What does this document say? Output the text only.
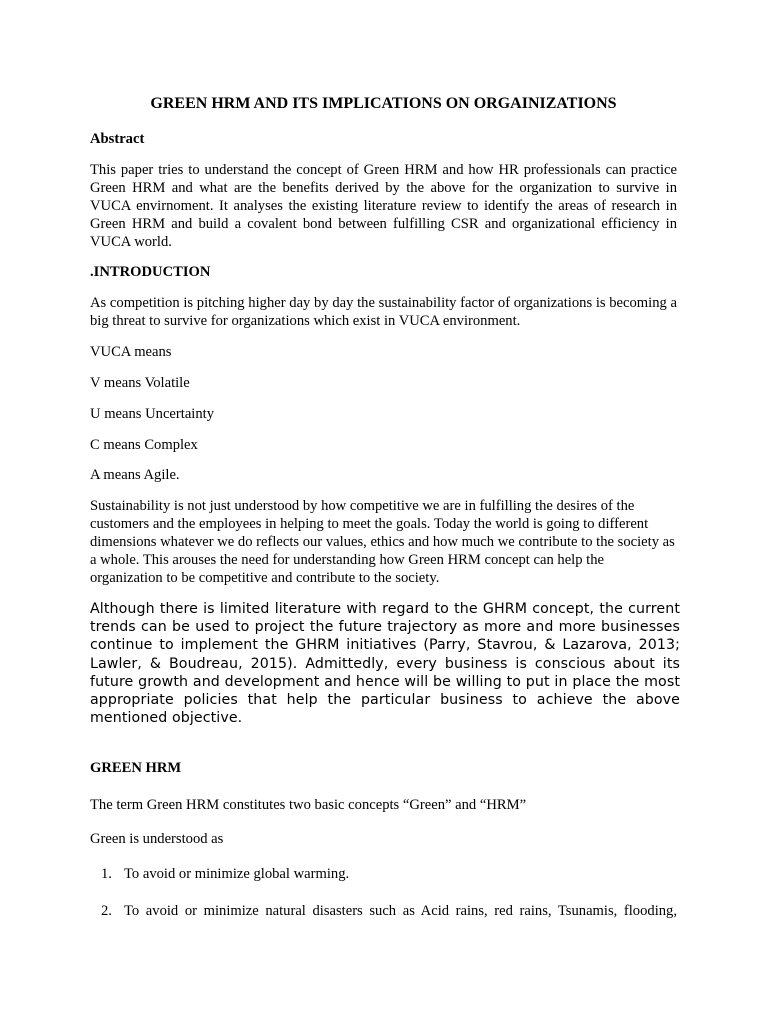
GREEN HRM AND ITS IMPLICATIONS ON ORGAINIZATIONS
Abstract

This paper tries to understand the concept of Green HRM and how HR professionals can practice Green HRM and what are the benefits derived by the above for the organization to survive in VUCA envirnoment. It analyses the existing literature review to identify the areas of research in Green HRM and build a covalent bond between fulfilling CSR and organizational efficiency in VUCA world.

.INTRODUCTION

As competition is pitching higher day by day the sustainability factor of organizations is becoming a big threat to survive for organizations which exist in VUCA environment.

VUCA means
V means Volatile
U means Uncertainty
C means Complex
A means Agile.

Sustainability is not just understood by how competitive we are in fulfilling the desires of the customers and the employees in helping to meet the goals. Today the world is going to different dimensions whatever we do reflects our values, ethics and how much we contribute to the society as a whole. This arouses the need for understanding how Green HRM concept can help the organization to be competitive and contribute to the society.

Although there is limited literature with regard to the GHRM concept, the current trends can be used to project the future trajectory as more and more businesses continue to implement the GHRM initiatives (Parry, Stavrou, & Lazarova, 2013; Lawler, & Boudreau, 2015). Admittedly, every business is conscious about its future growth and development and hence will be willing to put in place the most appropriate policies that help the particular business to achieve the above mentioned objective.

GREEN HRM
The term Green HRM constitutes two basic concepts “Green” and “HRM”
Green is understood as
1. To avoid or minimize global warming.
2. To avoid or minimize natural disasters such as Acid rains, red rains, Tsunamis, flooding,
